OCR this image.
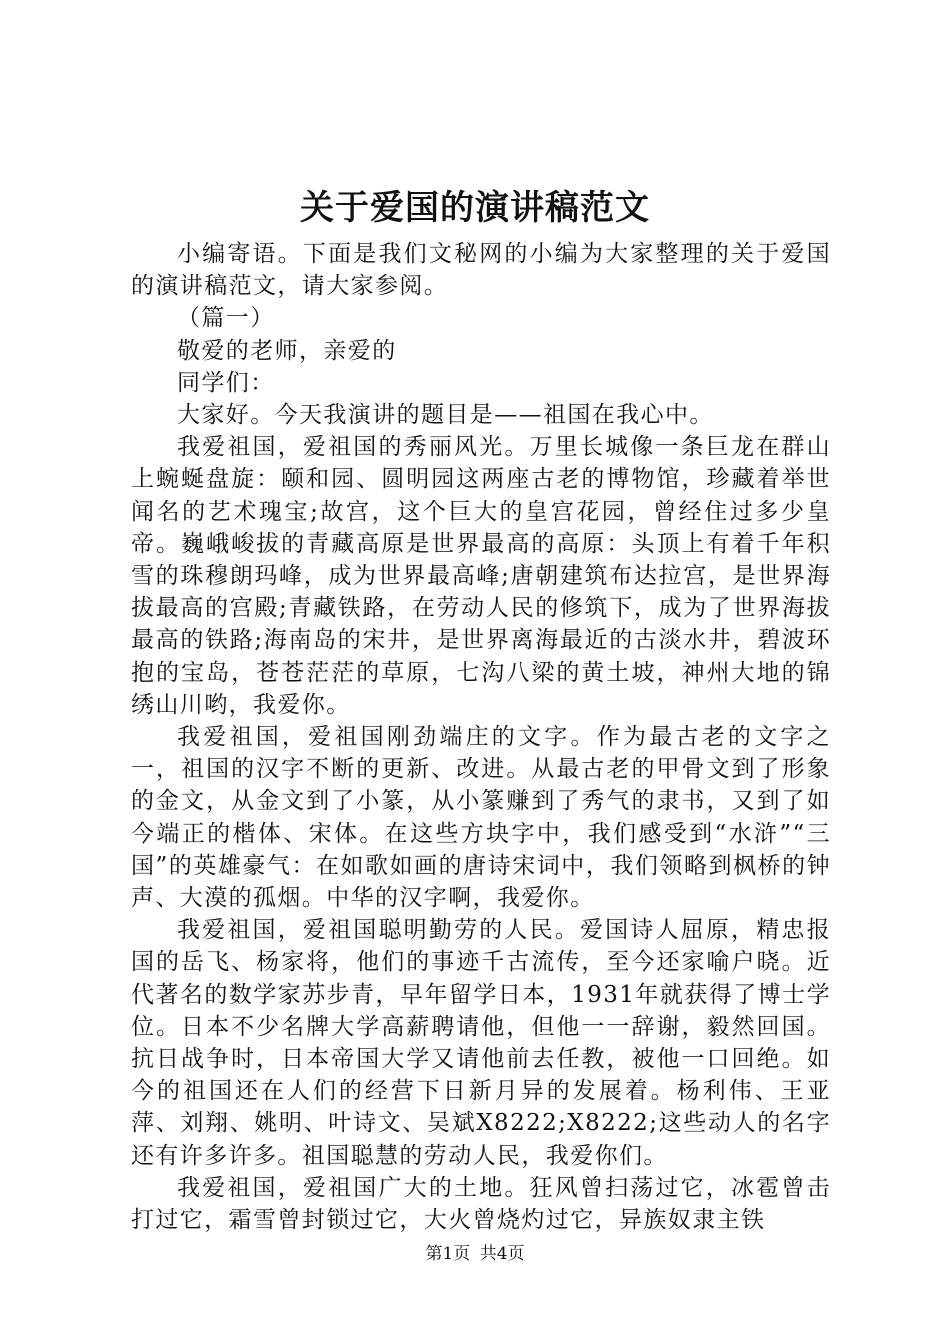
关于爱国的演讲稿范文

小编寄语。下面是我们文秘网的小编为大家整理的关于爱国的演讲稿范文，请大家参阅。

（篇一）

敬爱的老师，亲爱的

同学们：

大家好。今天我演讲的题目是——祖国在我心中。

我爱祖国，爱祖国的秀丽风光。万里长城像一条巨龙在群山上蜿蜒盘旋：颐和园、圆明园这两座古老的博物馆，珍藏着举世闻名的艺术瑰宝;故宫，这个巨大的皇宫花园，曾经住过多少皇帝。巍峨峻拔的青藏高原是世界最高的高原：头顶上有着千年积雪的珠穆朗玛峰，成为世界最高峰;唐朝建筑布达拉宫，是世界海拔最高的宫殿;青藏铁路，在劳动人民的修筑下，成为了世界海拔最高的铁路;海南岛的宋井，是世界离海最近的古淡水井，碧波环抱的宝岛，苍苍茫茫的草原，七沟八梁的黄土坡，神州大地的锦绣山川哟，我爱你。

我爱祖国，爱祖国刚劲端庄的文字。作为最古老的文字之一，祖国的汉字不断的更新、改进。从最古老的甲骨文到了形象的金文，从金文到了小篆，从小篆赚到了秀气的隶书，又到了如今端正的楷体、宋体。在这些方块字中，我们感受到“水浒”“三国”的英雄豪气：在如歌如画的唐诗宋词中，我们领略到枫桥的钟声、大漠的孤烟。中华的汉字啊，我爱你。

我爱祖国，爱祖国聪明勤劳的人民。爱国诗人屈原，精忠报国的岳飞、杨家将，他们的事迹千古流传，至今还家喻户晓。近代著名的数学家苏步青，早年留学日本，1931年就获得了博士学位。日本不少名牌大学高薪聘请他，但他一一辞谢，毅然回国。抗日战争时，日本帝国大学又请他前去任教，被他一口回绝。如今的祖国还在人们的经营下日新月异的发展着。杨利伟、王亚萍、刘翔、姚明、叶诗文、吴斌X8222;X8222;这些动人的名字还有许多许多。祖国聪慧的劳动人民，我爱你们。

我爱祖国，爱祖国广大的土地。狂风曾扫荡过它，冰雹曾击打过它，霜雪曾封锁过它，大火曾烧灼过它，异族奴隶主铁

第1页 共4页
